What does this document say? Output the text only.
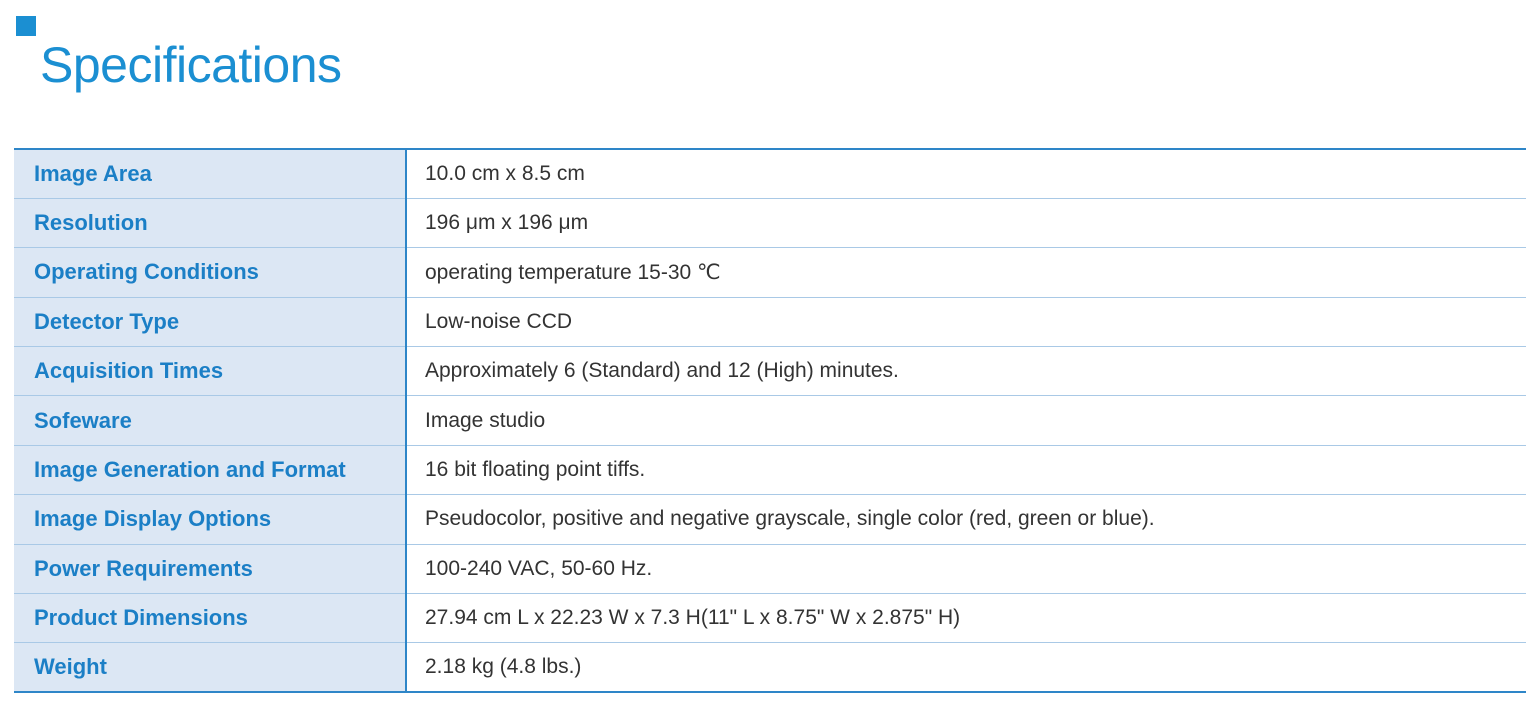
Specifications
Image Area	10.0 cm x 8.5 cm
Resolution	196 μm x 196 μm
Operating Conditions	operating temperature 15-30 ℃
Detector Type	Low-noise CCD
Acquisition Times	Approximately 6 (Standard) and 12 (High) minutes.
Sofeware	Image studio
Image Generation and Format	16 bit floating point tiffs.
Image Display Options	Pseudocolor, positive and negative grayscale, single color (red, green or blue).
Power Requirements	100-240 VAC, 50-60 Hz.
Product Dimensions	27.94 cm L x 22.23 W x 7.3 H(11" L x 8.75" W x 2.875" H)
Weight	2.18 kg (4.8 lbs.)
